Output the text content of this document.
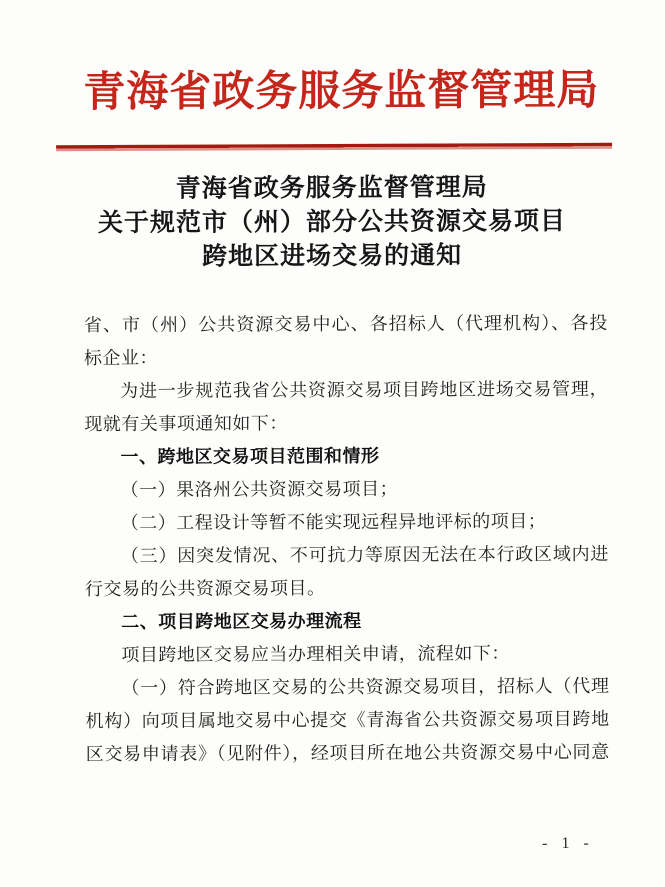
青海省政务服务监督管理局
青海省政务服务监督管理局
关于规范市（州）部分公共资源交易项目
跨地区进场交易的通知
省、市（州）公共资源交易中心、各招标人（代理机构）、各投
标企业：
为进一步规范我省公共资源交易项目跨地区进场交易管理，
现就有关事项通知如下：
一、跨地区交易项目范围和情形
（一）果洛州公共资源交易项目；
（二）工程设计等暂不能实现远程异地评标的项目；
（三）因突发情况、不可抗力等原因无法在本行政区域内进
行交易的公共资源交易项目。
二、项目跨地区交易办理流程
项目跨地区交易应当办理相关申请，流程如下：
（一）符合跨地区交易的公共资源交易项目，招标人（代理
机构）向项目属地交易中心提交《青海省公共资源交易项目跨地
区交易申请表》（见附件），经项目所在地公共资源交易中心同意
- 1 -
